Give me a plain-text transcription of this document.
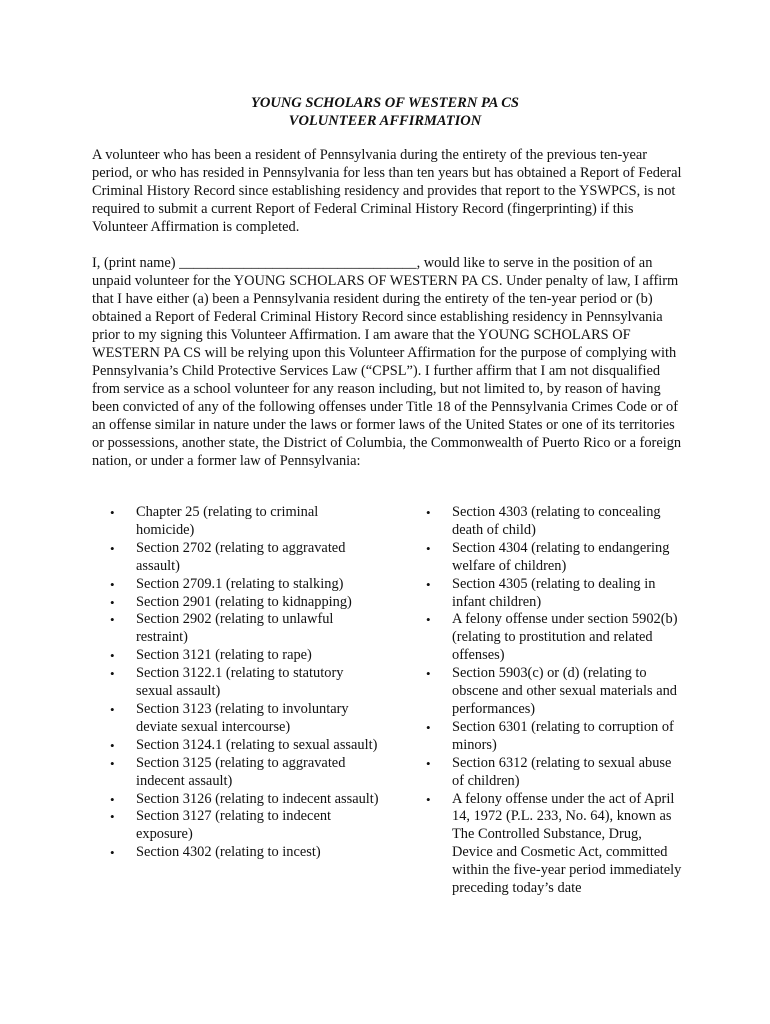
YOUNG SCHOLARS OF WESTERN PA CS
VOLUNTEER AFFIRMATION

A volunteer who has been a resident of Pennsylvania during the entirety of the previous ten-year period, or who has resided in Pennsylvania for less than ten years but has obtained a Report of Federal Criminal History Record since establishing residency and provides that report to the YSWPCS, is not required to submit a current Report of Federal Criminal History Record (fingerprinting) if this Volunteer Affirmation is completed.

I, (print name) _________________________________, would like to serve in the position of an unpaid volunteer for the YOUNG SCHOLARS OF WESTERN PA CS. Under penalty of law, I affirm that I have either (a) been a Pennsylvania resident during the entirety of the ten-year period or (b) obtained a Report of Federal Criminal History Record since establishing residency in Pennsylvania prior to my signing this Volunteer Affirmation. I am aware that the YOUNG SCHOLARS OF WESTERN PA CS will be relying upon this Volunteer Affirmation for the purpose of complying with Pennsylvania’s Child Protective Services Law (“CPSL”). I further affirm that I am not disqualified from service as a school volunteer for any reason including, but not limited to, by reason of having been convicted of any of the following offenses under Title 18 of the Pennsylvania Crimes Code or of an offense similar in nature under the laws or former laws of the United States or one of its territories or possessions, another state, the District of Columbia, the Commonwealth of Puerto Rico or a foreign nation, or under a former law of Pennsylvania:

• Chapter 25 (relating to criminal homicide)
• Section 2702 (relating to aggravated assault)
• Section 2709.1 (relating to stalking)
• Section 2901 (relating to kidnapping)
• Section 2902 (relating to unlawful restraint)
• Section 3121 (relating to rape)
• Section 3122.1 (relating to statutory sexual assault)
• Section 3123 (relating to involuntary deviate sexual intercourse)
• Section 3124.1 (relating to sexual assault)
• Section 3125 (relating to aggravated indecent assault)
• Section 3126 (relating to indecent assault)
• Section 3127 (relating to indecent exposure)
• Section 4302 (relating to incest)
• Section 4303 (relating to concealing death of child)
• Section 4304 (relating to endangering welfare of children)
• Section 4305 (relating to dealing in infant children)
• A felony offense under section 5902(b) (relating to prostitution and related offenses)
• Section 5903(c) or (d) (relating to obscene and other sexual materials and performances)
• Section 6301 (relating to corruption of minors)
• Section 6312 (relating to sexual abuse of children)
• A felony offense under the act of April 14, 1972 (P.L. 233, No. 64), known as The Controlled Substance, Drug, Device and Cosmetic Act, committed within the five-year period immediately preceding today’s date
